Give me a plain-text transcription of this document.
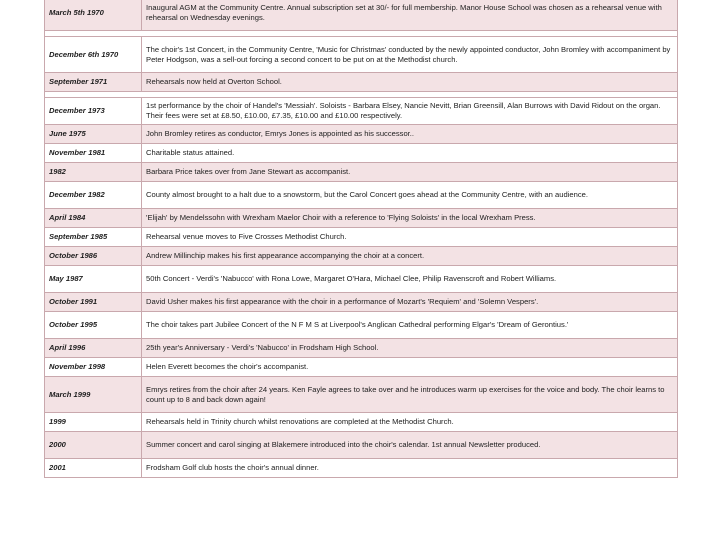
March 5th 1970	Inaugural AGM at the Community Centre. Annual subscription set at 30/- for full membership. Manor House School was chosen as a rehearsal venue with rehearsal on Wednesday evenings.

December 6th 1970	The choir's 1st Concert, in the Community Centre, 'Music for Christmas' conducted by the newly appointed conductor, John Bromley with accompaniment by Peter Hodgson, was a sell-out forcing a second concert to be put on at the Methodist church.
September 1971	Rehearsals now held at Overton School.

December 1973	1st performance by the choir of Handel's 'Messiah'. Soloists - Barbara Elsey, Nancie Nevitt, Brian Greensill, Alan Burrows with David Ridout on the organ. Their fees were set at £8.50, £10.00, £7.35, £10.00 and £10.00 respectively.
June 1975	John Bromley retires as conductor, Emrys Jones is appointed as his successor..
November 1981	Charitable status attained.
1982	Barbara Price takes over from Jane Stewart as accompanist.
December 1982	County almost brought to a halt due to a snowstorm, but the Carol Concert goes ahead at the Community Centre, with an audience.
April 1984	'Elijah' by Mendelssohn with Wrexham Maelor Choir with a reference to 'Flying Soloists' in the local Wrexham Press.
September 1985	Rehearsal venue moves to Five Crosses Methodist Church.
October 1986	Andrew Millinchip makes his first appearance accompanying the choir at a concert.
May 1987	50th Concert - Verdi's 'Nabucco' with Rona Lowe, Margaret O'Hara, Michael Clee, Philip Ravenscroft and Robert Williams.
October 1991	David Usher makes his first appearance with the choir in a performance of Mozart's 'Requiem' and 'Solemn Vespers'.
October 1995	The choir takes part Jubilee Concert of the N F M S at Liverpool's Anglican Cathedral performing Elgar's 'Dream of Gerontius.'
April 1996	25th year's Anniversary - Verdi's 'Nabucco' in Frodsham High School.
November 1998	Helen Everett becomes the choir's accompanist.
March 1999	Emrys retires from the choir after 24 years. Ken Fayle agrees to take over and he introduces warm up exercises for the voice and body. The choir learns to count up to 8 and back down again!
1999	Rehearsals held in Trinity church whilst renovations are completed at the Methodist Church.
2000	Summer concert and carol singing at Blakemere introduced into the choir's calendar. 1st annual Newsletter produced.
2001	Frodsham Golf club hosts the choir's annual dinner.
